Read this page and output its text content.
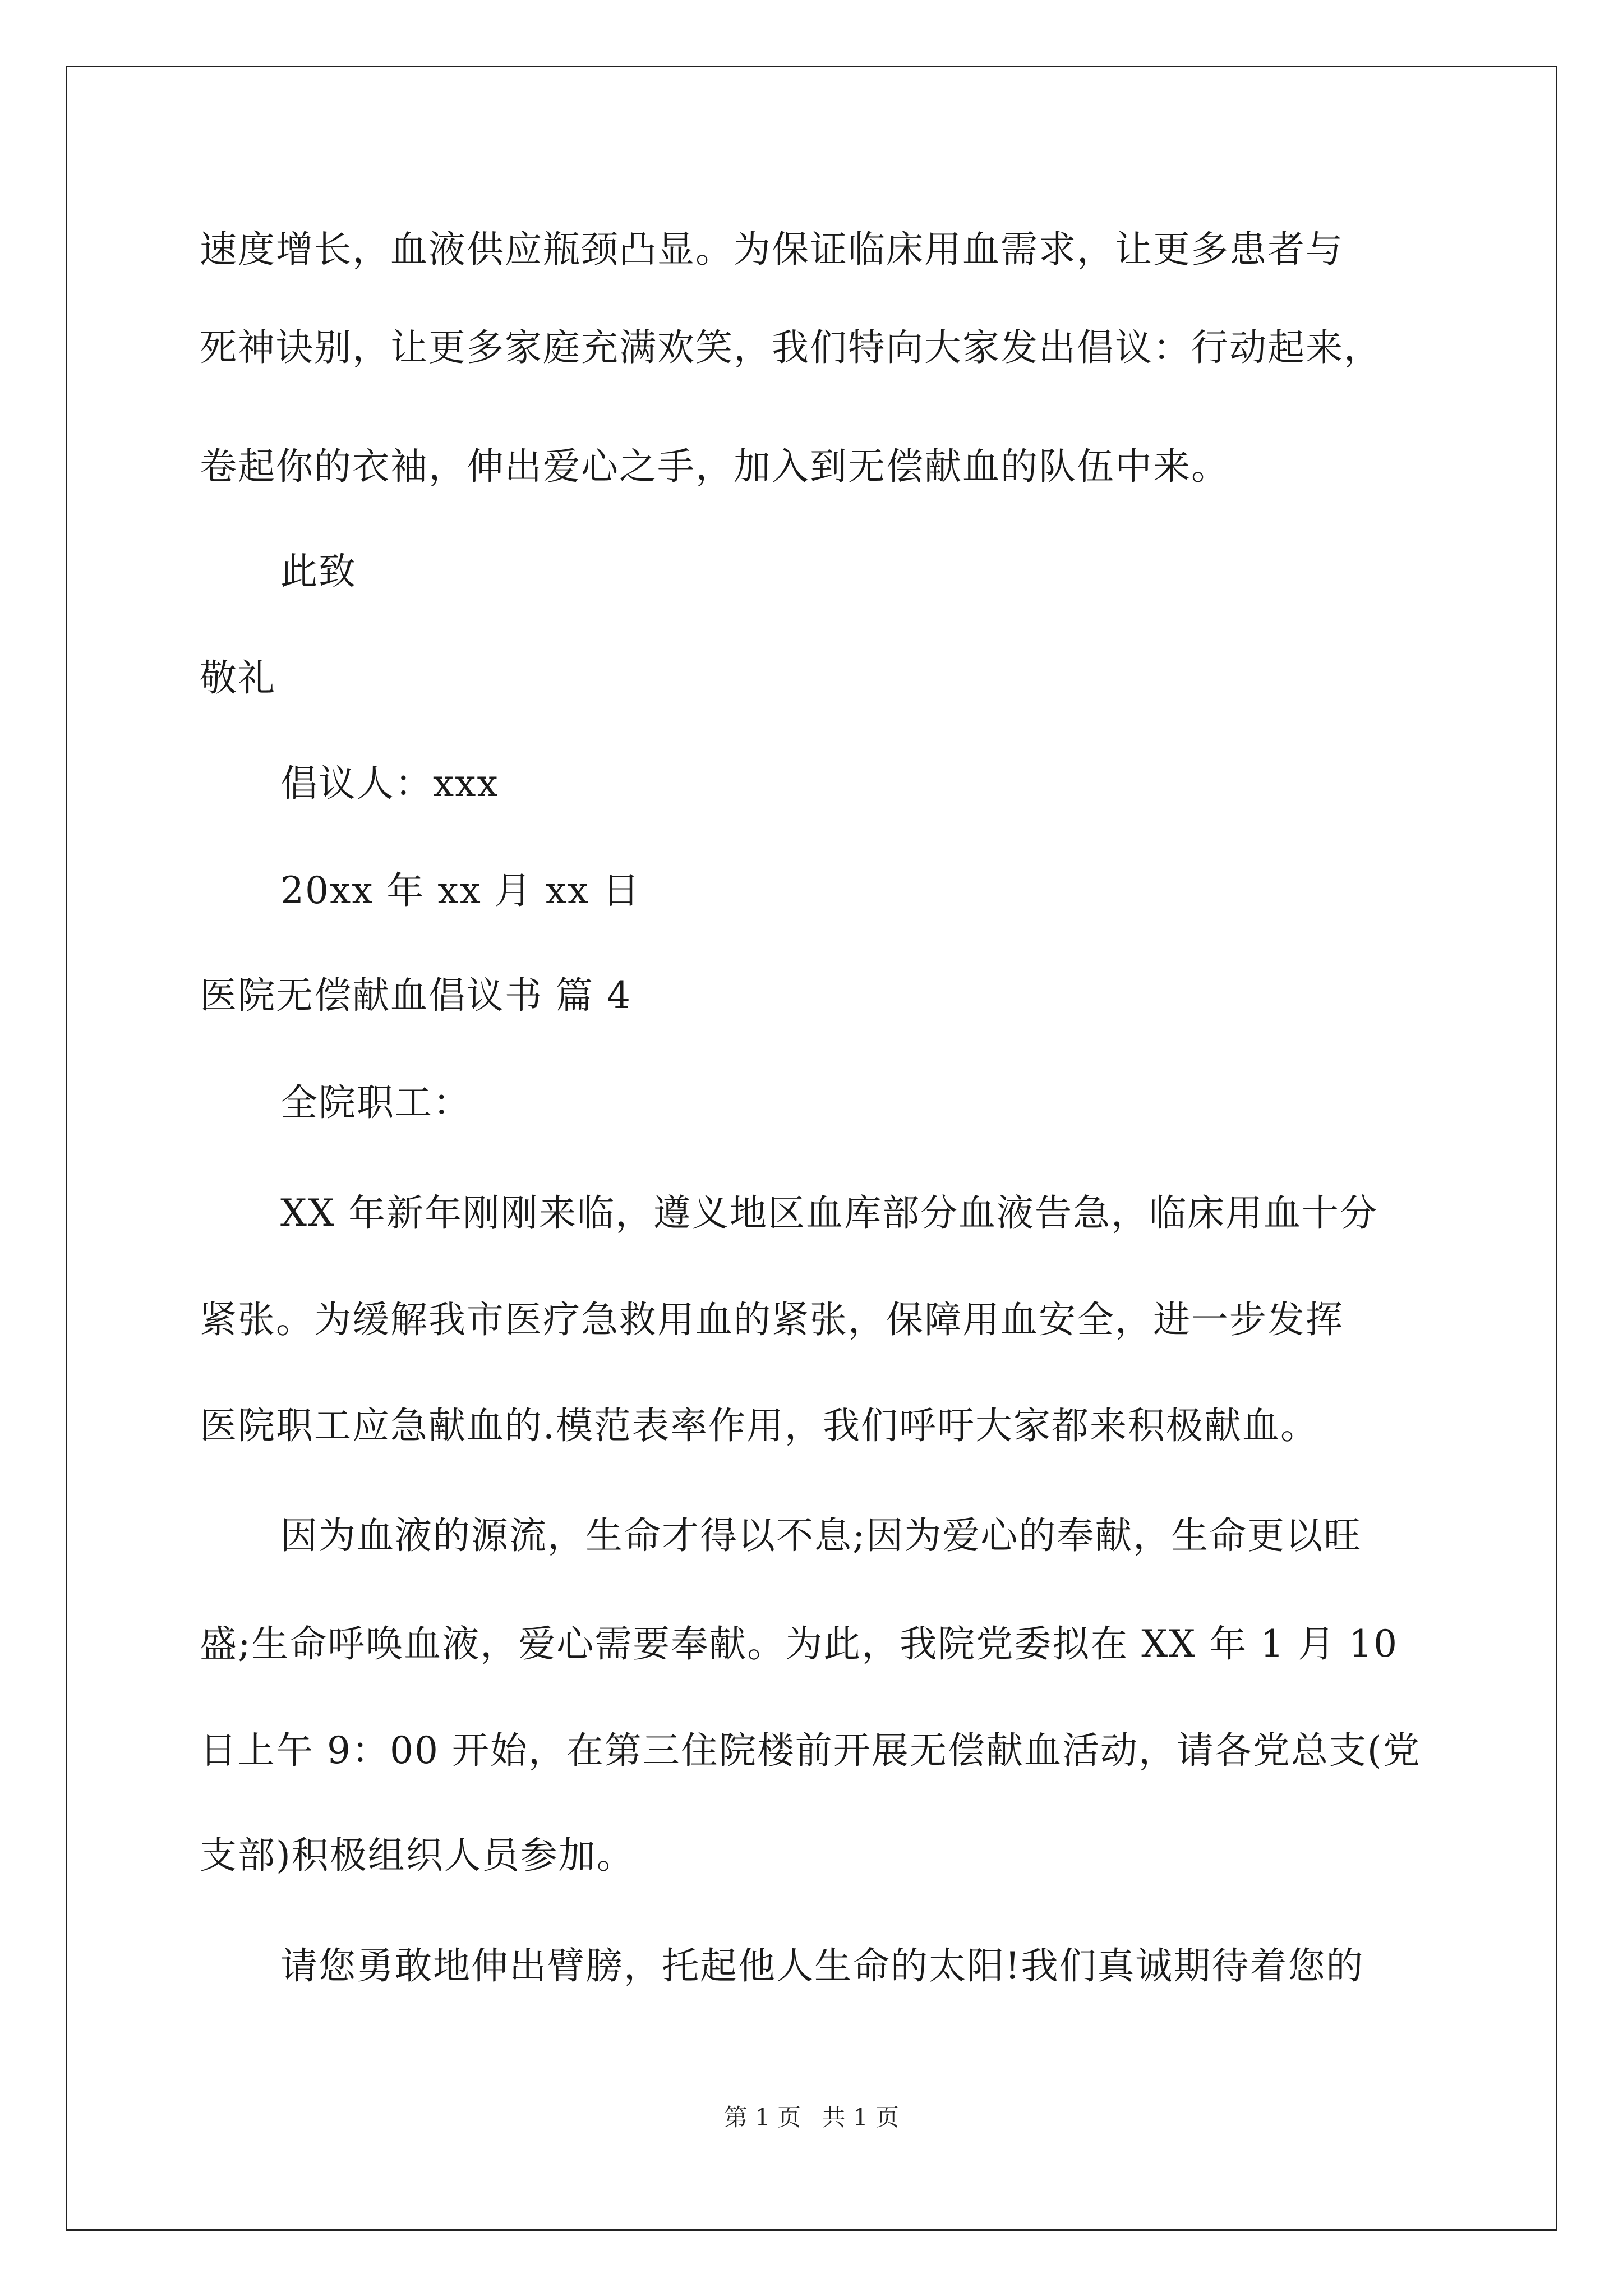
速度增长，血液供应瓶颈凸显。为保证临床用血需求，让更多患者与
死神诀别，让更多家庭充满欢笑，我们特向大家发出倡议：行动起来，
卷起你的衣袖，伸出爱心之手，加入到无偿献血的队伍中来。
此致
敬礼
倡议人：xxx
20xx 年 xx 月 xx 日
医院无偿献血倡议书 篇 4
全院职工：
XX 年新年刚刚来临，遵义地区血库部分血液告急，临床用血十分
紧张。为缓解我市医疗急救用血的紧张，保障用血安全，进一步发挥
医院职工应急献血的.模范表率作用，我们呼吁大家都来积极献血。
因为血液的源流，生命才得以不息;因为爱心的奉献，生命更以旺
盛;生命呼唤血液，爱心需要奉献。为此，我院党委拟在 XX 年 1 月 10
日上午 9：00 开始，在第三住院楼前开展无偿献血活动，请各党总支(党
支部)积极组织人员参加。
请您勇敢地伸出臂膀，托起他人生命的太阳!我们真诚期待着您的
第 1 页 共 1 页
